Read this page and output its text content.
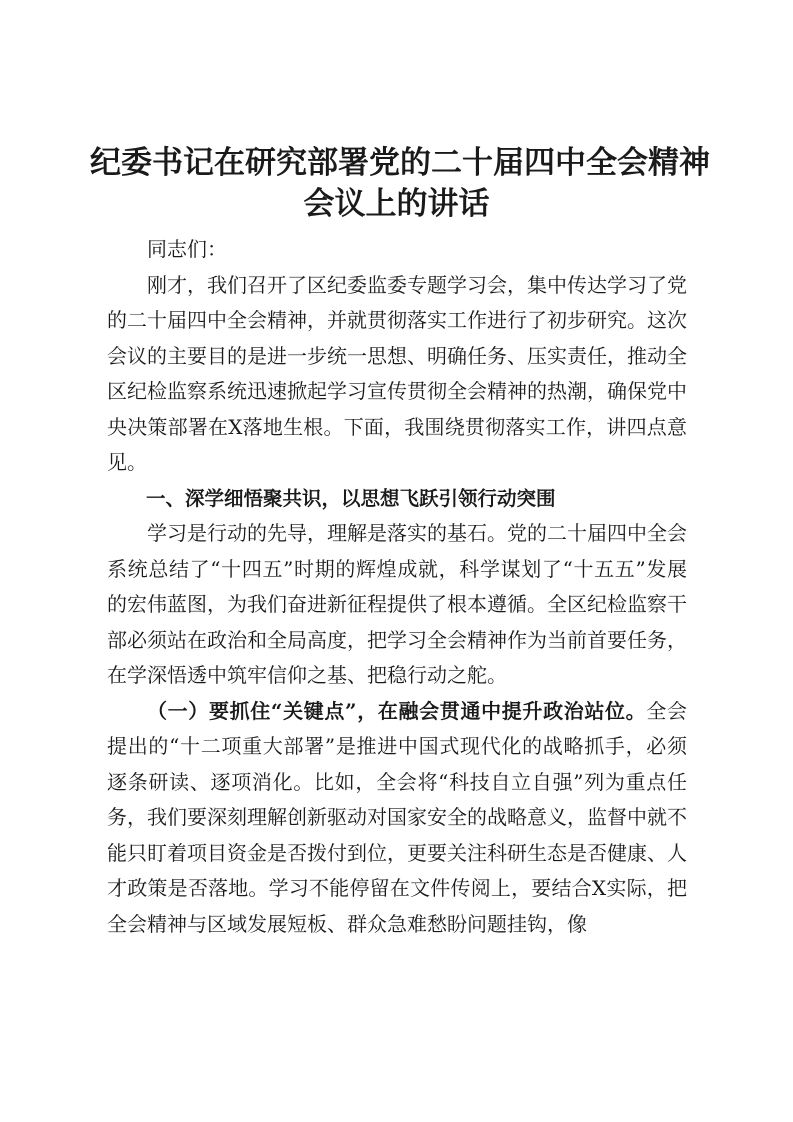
纪委书记在研究部署党的二十届四中全会精神
会议上的讲话

同志们：

刚才，我们召开了区纪委监委专题学习会，集中传达学习了党的二十届四中全会精神，并就贯彻落实工作进行了初步研究。这次会议的主要目的是进一步统一思想、明确任务、压实责任，推动全区纪检监察系统迅速掀起学习宣传贯彻全会精神的热潮，确保党中央决策部署在X落地生根。下面，我围绕贯彻落实工作，讲四点意见。

一、深学细悟聚共识，以思想飞跃引领行动突围

学习是行动的先导，理解是落实的基石。党的二十届四中全会系统总结了“十四五”时期的辉煌成就，科学谋划了“十五五”发展的宏伟蓝图，为我们奋进新征程提供了根本遵循。全区纪检监察干部必须站在政治和全局高度，把学习全会精神作为当前首要任务，在学深悟透中筑牢信仰之基、把稳行动之舵。

（一）要抓住“关键点”，在融会贯通中提升政治站位。全会提出的“十二项重大部署”是推进中国式现代化的战略抓手，必须逐条研读、逐项消化。比如，全会将“科技自立自强”列为重点任务，我们要深刻理解创新驱动对国家安全的战略意义，监督中就不能只盯着项目资金是否拨付到位，更要关注科研生态是否健康、人才政策是否落地。学习不能停留在文件传阅上，要结合X实际，把全会精神与区域发展短板、群众急难愁盼问题挂钩，像
